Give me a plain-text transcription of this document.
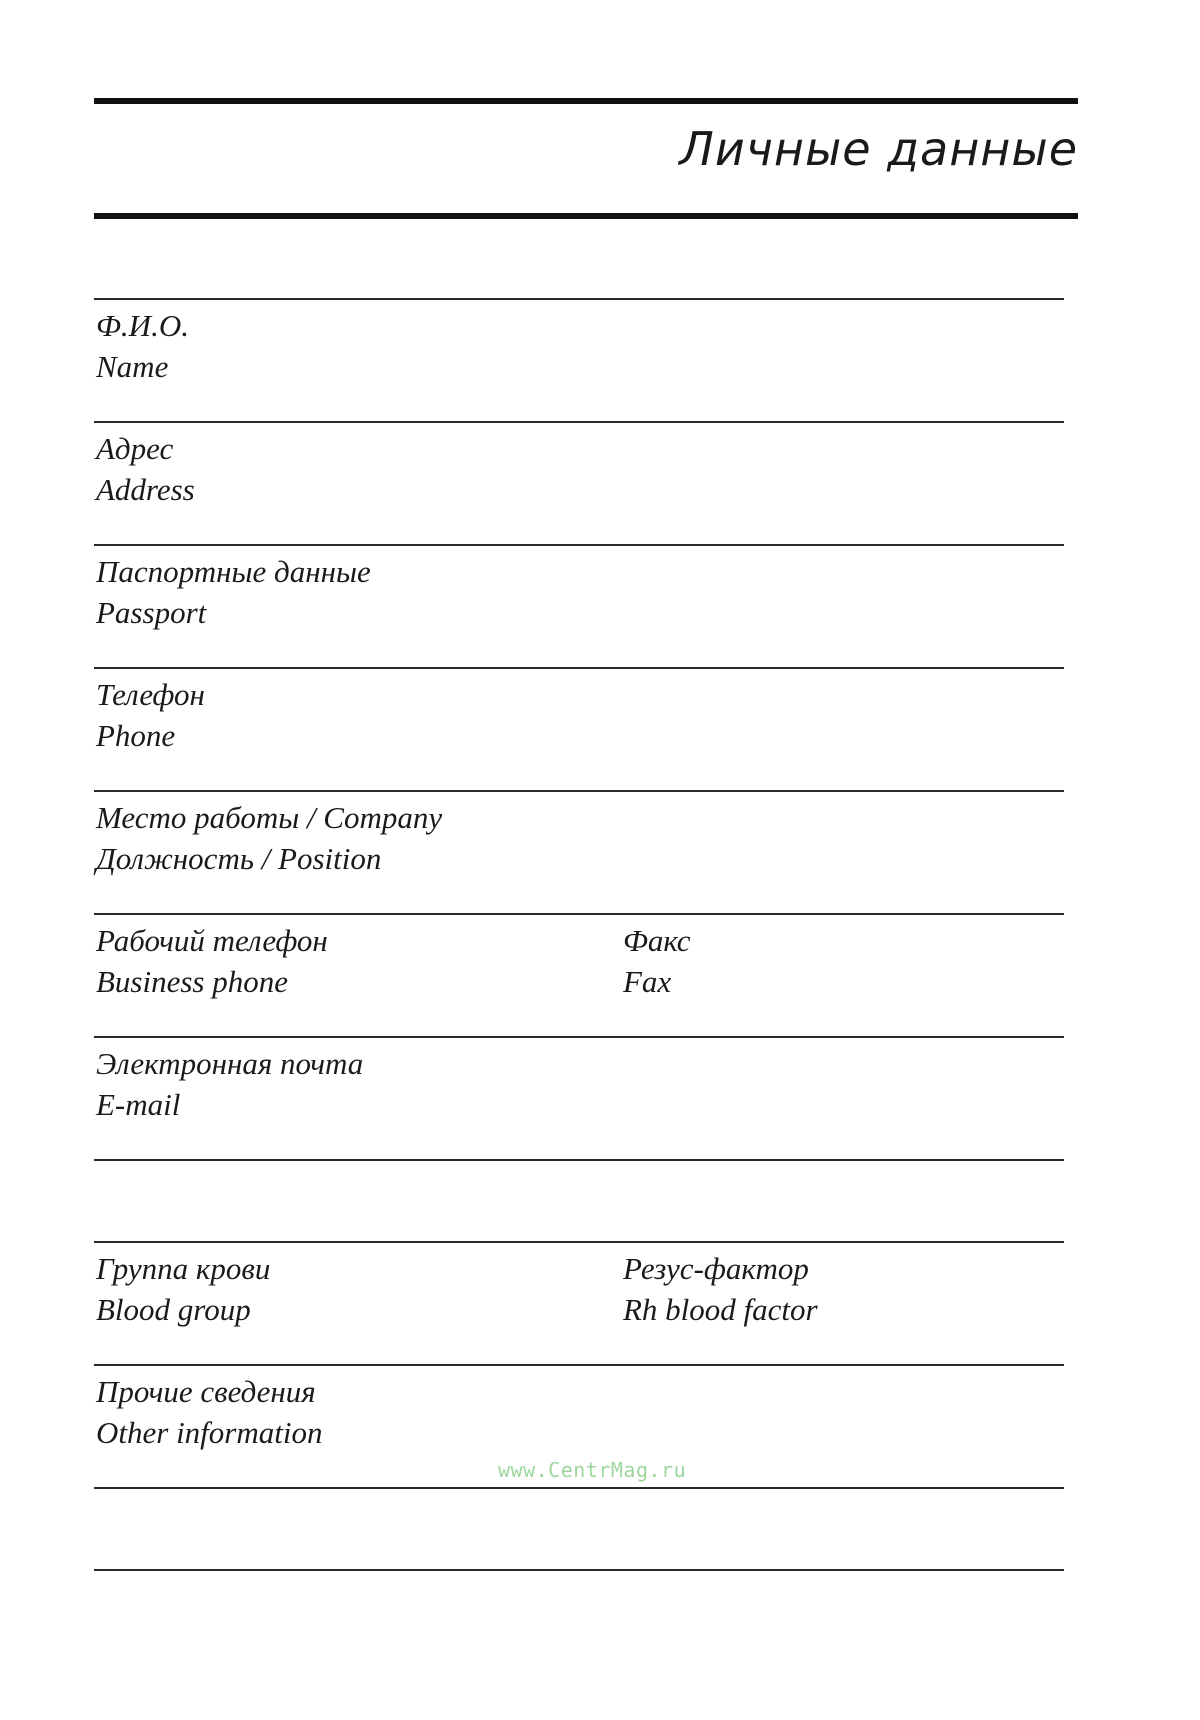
Личные данные
Ф.И.О.
Name
Адрес
Address
Паспортные данные
Passport
Телефон
Phone
Место работы / Company
Должность / Position
Рабочий телефон
Business phone
Факс
Fax
Электронная почта
E-mail
Группа крови
Blood group
Резус-фактор
Rh blood factor
Прочие сведения
Other information
www.CentrMag.ru
